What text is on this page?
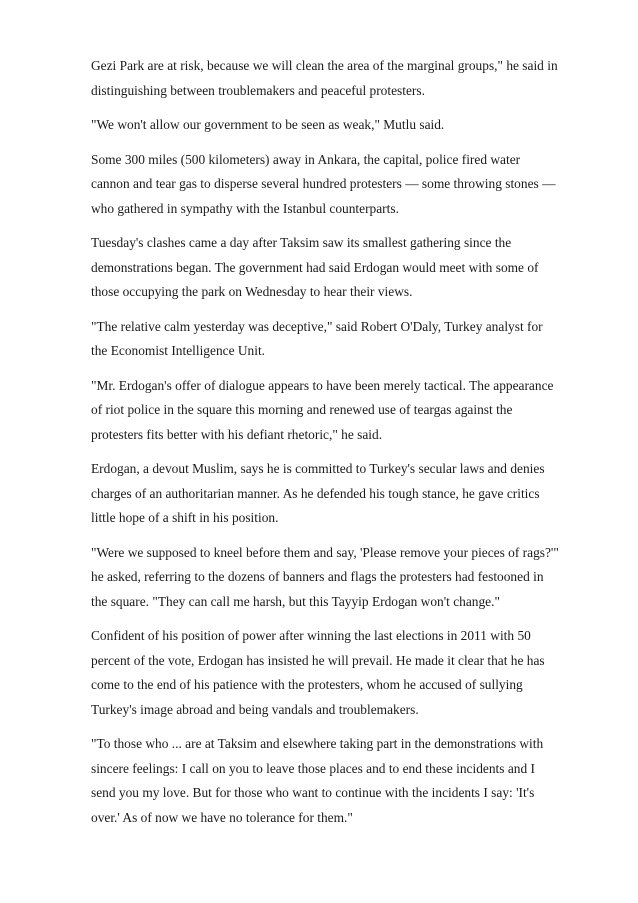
Gezi Park are at risk, because we will clean the area of the marginal groups," he said in distinguishing between troublemakers and peaceful protesters.

"We won't allow our government to be seen as weak," Mutlu said.

Some 300 miles (500 kilometers) away in Ankara, the capital, police fired water cannon and tear gas to disperse several hundred protesters — some throwing stones — who gathered in sympathy with the Istanbul counterparts.

Tuesday's clashes came a day after Taksim saw its smallest gathering since the demonstrations began. The government had said Erdogan would meet with some of those occupying the park on Wednesday to hear their views.

"The relative calm yesterday was deceptive," said Robert O'Daly, Turkey analyst for the Economist Intelligence Unit.

"Mr. Erdogan's offer of dialogue appears to have been merely tactical. The appearance of riot police in the square this morning and renewed use of teargas against the protesters fits better with his defiant rhetoric," he said.

Erdogan, a devout Muslim, says he is committed to Turkey's secular laws and denies charges of an authoritarian manner. As he defended his tough stance, he gave critics little hope of a shift in his position.

"Were we supposed to kneel before them and say, 'Please remove your pieces of rags?'" he asked, referring to the dozens of banners and flags the protesters had festooned in the square. "They can call me harsh, but this Tayyip Erdogan won't change."

Confident of his position of power after winning the last elections in 2011 with 50 percent of the vote, Erdogan has insisted he will prevail. He made it clear that he has come to the end of his patience with the protesters, whom he accused of sullying Turkey's image abroad and being vandals and troublemakers.

"To those who ... are at Taksim and elsewhere taking part in the demonstrations with sincere feelings: I call on you to leave those places and to end these incidents and I send you my love. But for those who want to continue with the incidents I say: 'It's over.' As of now we have no tolerance for them."
